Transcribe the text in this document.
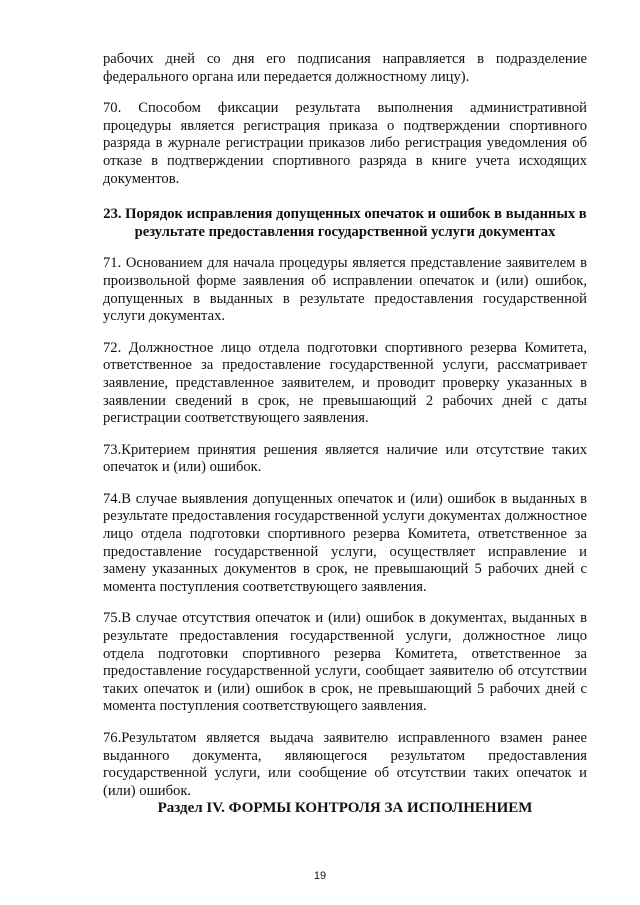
рабочих дней со дня его подписания направляется в подразделение федерального органа или передается должностному лицу).

70. Способом фиксации результата выполнения административной процедуры является регистрация приказа о подтверждении спортивного разряда в журнале регистрации приказов либо регистрация уведомления об отказе в подтверждении спортивного разряда в книге учета исходящих документов.

23. Порядок исправления допущенных опечаток и ошибок в выданных в результате предоставления государственной услуги документах

71. Основанием для начала процедуры является представление заявителем в произвольной форме заявления об исправлении опечаток и (или) ошибок, допущенных в выданных в результате предоставления государственной услуги документах.

72. Должностное лицо отдела подготовки спортивного резерва Комитета, ответственное за предоставление государственной услуги, рассматривает заявление, представленное заявителем, и проводит проверку указанных в заявлении сведений в срок, не превышающий 2 рабочих дней с даты регистрации соответствующего заявления.

73.Критерием принятия решения является наличие или отсутствие таких опечаток и (или) ошибок.

74.В случае выявления допущенных опечаток и (или) ошибок в выданных в результате предоставления государственной услуги документах должностное лицо отдела подготовки спортивного резерва Комитета, ответственное за предоставление государственной услуги, осуществляет исправление и замену указанных документов в срок, не превышающий 5 рабочих дней с момента поступления соответствующего заявления.

75.В случае отсутствия опечаток и (или) ошибок в документах, выданных в результате предоставления государственной услуги, должностное лицо отдела подготовки спортивного резерва Комитета, ответственное за предоставление государственной услуги, сообщает заявителю об отсутствии таких опечаток и (или) ошибок в срок, не превышающий 5 рабочих дней с момента поступления соответствующего заявления.

76.Результатом является выдача заявителю исправленного взамен ранее выданного документа, являющегося результатом предоставления государственной услуги, или сообщение об отсутствии таких опечаток и (или) ошибок.

Раздел IV. ФОРМЫ КОНТРОЛЯ ЗА ИСПОЛНЕНИЕМ
19
